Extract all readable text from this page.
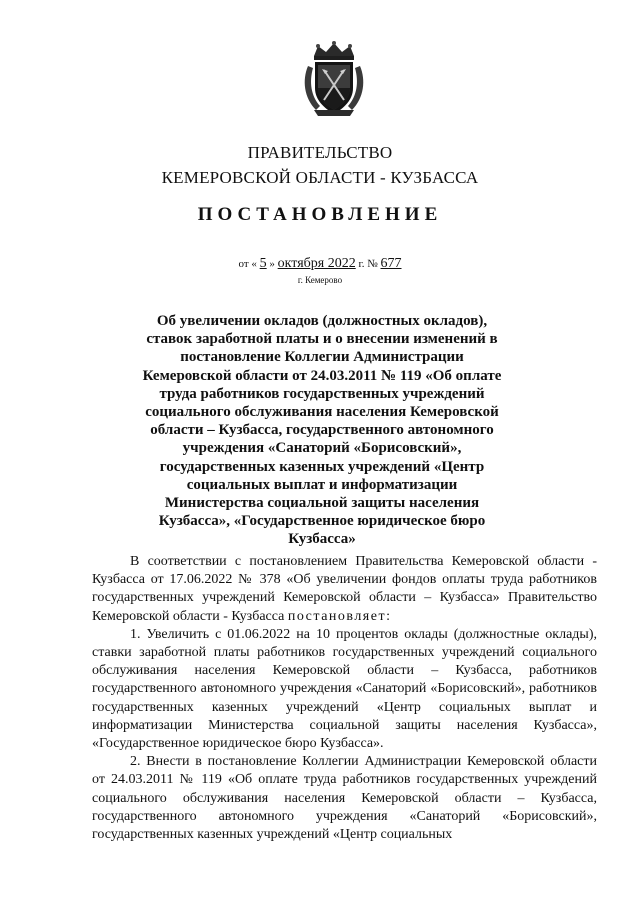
ПРАВИТЕЛЬСТВО
КЕМЕРОВСКОЙ ОБЛАСТИ - КУЗБАССА
ПОСТАНОВЛЕНИЕ
от « 5 » октября 2022 г. № 677
г. Кемерово
Об увеличении окладов (должностных окладов), ставок заработной платы и о внесении изменений в постановление Коллегии Администрации Кемеровской области от 24.03.2011 № 119 «Об оплате труда работников государственных учреждений социального обслуживания населения Кемеровской области – Кузбасса, государственного автономного учреждения «Санаторий «Борисовский», государственных казенных учреждений «Центр социальных выплат и информатизации Министерства социальной защиты населения Кузбасса», «Государственное юридическое бюро Кузбасса»

В соответствии с постановлением Правительства Кемеровской области - Кузбасса от 17.06.2022 № 378 «Об увеличении фондов оплаты труда работников государственных учреждений Кемеровской области – Кузбасса» Правительство Кемеровской области - Кузбасса постановляет:

1. Увеличить с 01.06.2022 на 10 процентов оклады (должностные оклады), ставки заработной платы работников государственных учреждений социального обслуживания населения Кемеровской области – Кузбасса, работников государственного автономного учреждения «Санаторий «Борисовский», работников государственных казенных учреждений «Центр социальных выплат и информатизации Министерства социальной защиты населения Кузбасса», «Государственное юридическое бюро Кузбасса».

2. Внести в постановление Коллегии Администрации Кемеровской области от 24.03.2011 № 119 «Об оплате труда работников государственных учреждений социального обслуживания населения Кемеровской области – Кузбасса, государственного автономного учреждения «Санаторий «Борисовский», государственных казенных учреждений «Центр социальных
